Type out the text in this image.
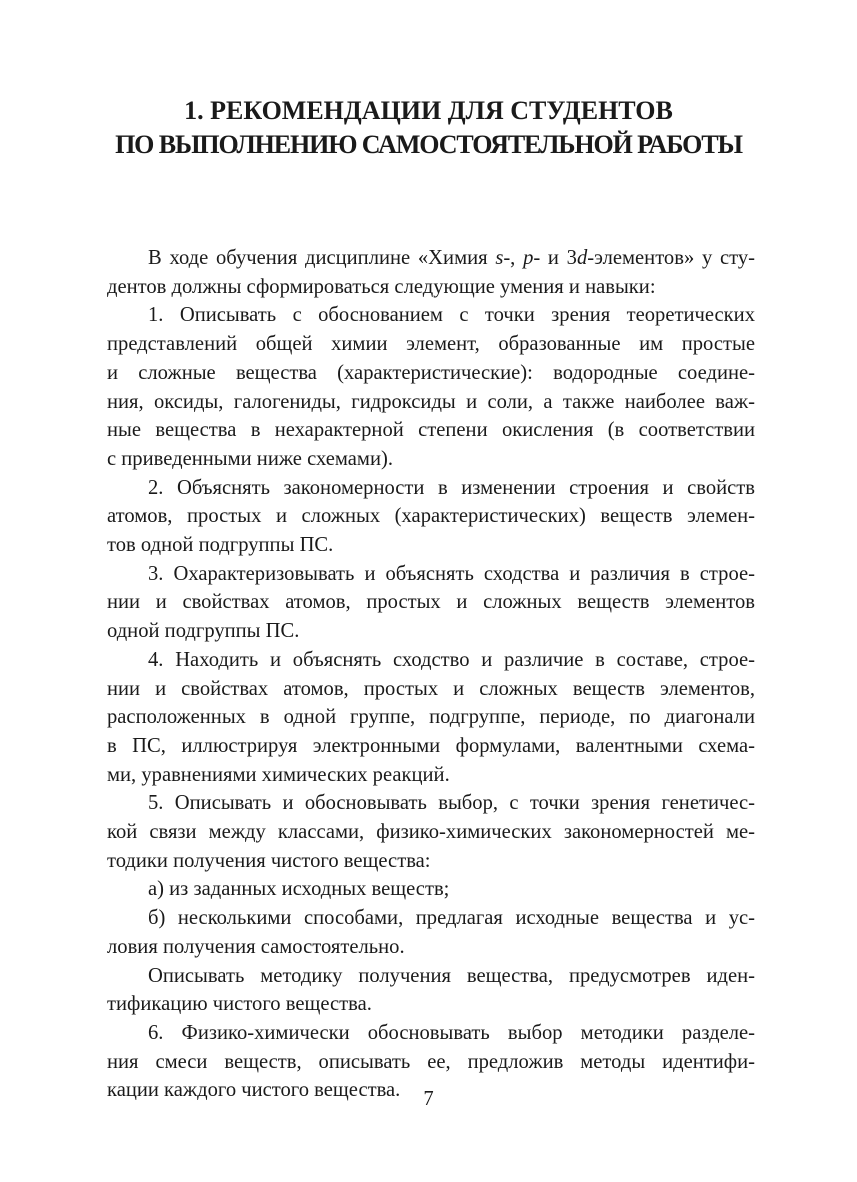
1. РЕКОМЕНДАЦИИ ДЛЯ СТУДЕНТОВ
ПО ВЫПОЛНЕНИЮ САМОСТОЯТЕЛЬНОЙ РАБОТЫ

В ходе обучения дисциплине «Химия s-, p- и 3d-элементов» у сту-
дентов должны сформироваться следующие умения и навыки:

1. Описывать с обоснованием с точки зрения теоретических
представлений общей химии элемент, образованные им простые
и сложные вещества (характеристические): водородные соедине-
ния, оксиды, галогениды, гидроксиды и соли, а также наиболее важ-
ные вещества в нехарактерной степени окисления (в соответствии
с приведенными ниже схемами).

2. Объяснять закономерности в изменении строения и свойств
атомов, простых и сложных (характеристических) веществ элемен-
тов одной подгруппы ПС.

3. Охарактеризовывать и объяснять сходства и различия в строе-
нии и свойствах атомов, простых и сложных веществ элементов
одной подгруппы ПС.

4. Находить и объяснять сходство и различие в составе, строе-
нии и свойствах атомов, простых и сложных веществ элементов,
расположенных в одной группе, подгруппе, периоде, по диагонали
в ПС, иллюстрируя электронными формулами, валентными схема-
ми, уравнениями химических реакций.

5. Описывать и обосновывать выбор, с точки зрения генетичес-
кой связи между классами, физико-химических закономерностей ме-
тодики получения чистого вещества:

а) из заданных исходных веществ;

б) несколькими способами, предлагая исходные вещества и ус-
ловия получения самостоятельно.

Описывать методику получения вещества, предусмотрев иден-
тификацию чистого вещества.

6. Физико-химически обосновывать выбор методики разделе-
ния смеси веществ, описывать ее, предложив методы идентифи-
кации каждого чистого вещества.	7
